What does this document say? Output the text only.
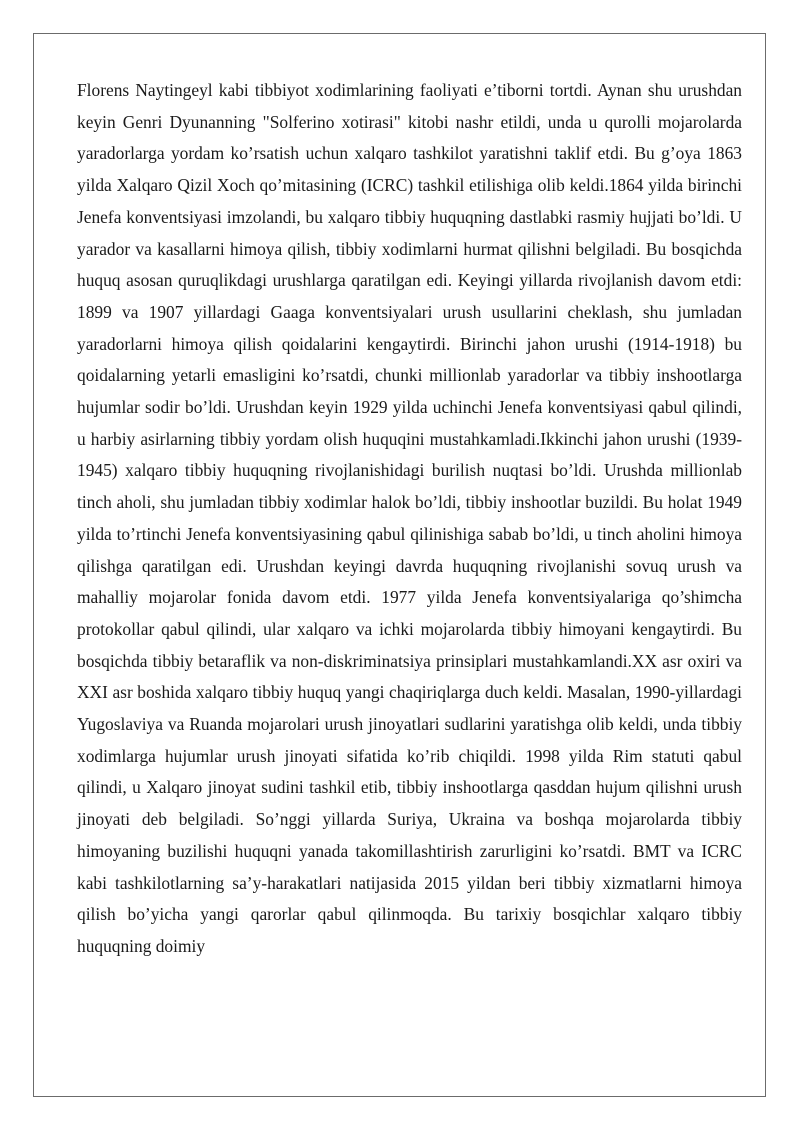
Florens Naytingeyl kabi tibbiyot xodimlarining faoliyati e’tiborni tortdi. Aynan shu urushdan keyin Genri Dyunanning "Solferino xotirasi" kitobi nashr etildi, unda u qurolli mojarolarda yaradorlarga yordam ko’rsatish uchun xalqaro tashkilot yaratishni taklif etdi. Bu g’oya 1863 yilda Xalqaro Qizil Xoch qo’mitasining (ICRC) tashkil etilishiga olib keldi.1864 yilda birinchi Jenefa konventsiyasi imzolandi, bu xalqaro tibbiy huquqning dastlabki rasmiy hujjati bo’ldi. U yarador va kasallarni himoya qilish, tibbiy xodimlarni hurmat qilishni belgiladi. Bu bosqichda huquq asosan quruqlikdagi urushlarga qaratilgan edi. Keyingi yillarda rivojlanish davom etdi: 1899 va 1907 yillardagi Gaaga konventsiyalari urush usullarini cheklash, shu jumladan yaradorlarni himoya qilish qoidalarini kengaytirdi. Birinchi jahon urushi (1914-1918) bu qoidalarning yetarli emasligini ko’rsatdi, chunki millionlab yaradorlar va tibbiy inshootlarga hujumlar sodir bo’ldi. Urushdan keyin 1929 yilda uchinchi Jenefa konventsiyasi qabul qilindi, u harbiy asirlarning tibbiy yordam olish huquqini mustahkamladi.Ikkinchi jahon urushi (1939-1945) xalqaro tibbiy huquqning rivojlanishidagi burilish nuqtasi bo’ldi. Urushda millionlab tinch aholi, shu jumladan tibbiy xodimlar halok bo’ldi, tibbiy inshootlar buzildi. Bu holat 1949 yilda to’rtinchi Jenefa konventsiyasining qabul qilinishiga sabab bo’ldi, u tinch aholini himoya qilishga qaratilgan edi. Urushdan keyingi davrda huquqning rivojlanishi sovuq urush va mahalliy mojarolar fonida davom etdi. 1977 yilda Jenefa konventsiyalariga qo’shimcha protokollar qabul qilindi, ular xalqaro va ichki mojarolarda tibbiy himoyani kengaytirdi. Bu bosqichda tibbiy betaraflik va non-diskriminatsiya prinsiplari mustahkamlandi.XX asr oxiri va XXI asr boshida xalqaro tibbiy huquq yangi chaqiriqlarga duch keldi. Masalan, 1990-yillardagi Yugoslaviya va Ruanda mojarolari urush jinoyatlari sudlarini yaratishga olib keldi, unda tibbiy xodimlarga hujumlar urush jinoyati sifatida ko’rib chiqildi. 1998 yilda Rim statuti qabul qilindi, u Xalqaro jinoyat sudini tashkil etib, tibbiy inshootlarga qasddan hujum qilishni urush jinoyati deb belgiladi. So’nggi yillarda Suriya, Ukraina va boshqa mojarolarda tibbiy himoyaning buzilishi huquqni yanada takomillashtirish zarurligini ko’rsatdi. BMT va ICRC kabi tashkilotlarning sa’y-harakatlari natijasida 2015 yildan beri tibbiy xizmatlarni himoya qilish bo’yicha yangi qarorlar qabul qilinmoqda. Bu tarixiy bosqichlar xalqaro tibbiy huquqning doimiy
